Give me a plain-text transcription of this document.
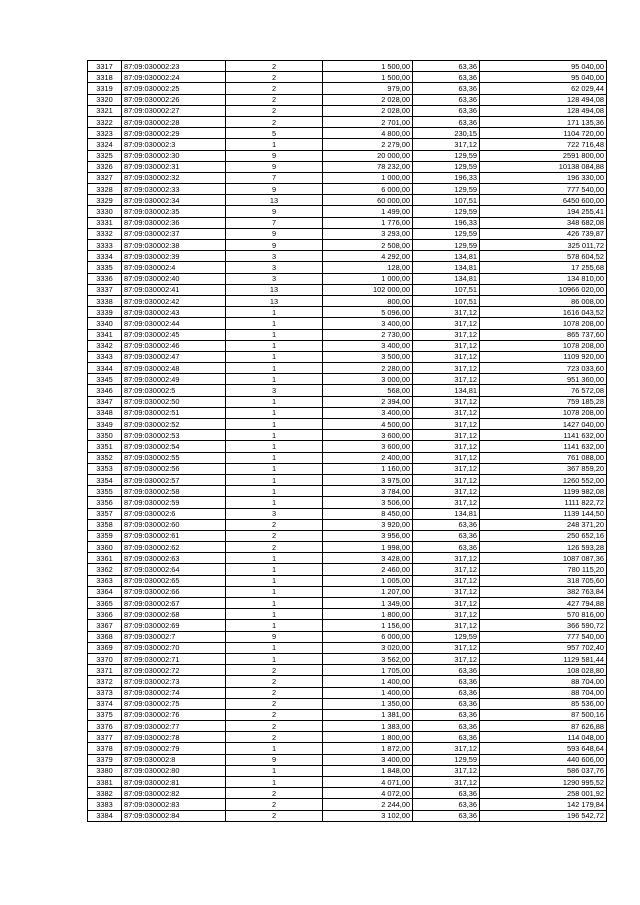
3317	87:09:030002:23	2	1 500,00	63,36	95 040,00
3318	87:09:030002:24	2	1 500,00	63,36	95 040,00
3319	87:09:030002:25	2	979,00	63,36	62 029,44
3320	87:09:030002:26	2	2 028,00	63,36	128 494,08
3321	87:09:030002:27	2	2 028,00	63,36	128 494,08
3322	87:09:030002:28	2	2 701,00	63,36	171 135,36
3323	87:09:030002:29	5	4 800,00	230,15	1104 720,00
3324	87:09:030002:3	1	2 279,00	317,12	722 716,48
3325	87:09:030002:30	9	20 000,00	129,59	2591 800,00
3326	87:09:030002:31	9	78 232,00	129,59	10138 084,88
3327	87:09:030002:32	7	1 000,00	196,33	196 330,00
3328	87:09:030002:33	9	6 000,00	129,59	777 540,00
3329	87:09:030002:34	13	60 000,00	107,51	6450 600,00
3330	87:09:030002:35	9	1 499,00	129,59	194 255,41
3331	87:09:030002:36	7	1 776,00	196,33	348 682,08
3332	87:09:030002:37	9	3 293,00	129,59	426 739,87
3333	87:09:030002:38	9	2 508,00	129,59	325 011,72
3334	87:09:030002:39	3	4 292,00	134,81	578 604,52
3335	87:09:030002:4	3	128,00	134,81	17 255,68
3336	87:09:030002:40	3	1 000,00	134,81	134 810,00
3337	87:09:030002:41	13	102 000,00	107,51	10966 020,00
3338	87:09:030002:42	13	800,00	107,51	86 008,00
3339	87:09:030002:43	1	5 096,00	317,12	1616 043,52
3340	87:09:030002:44	1	3 400,00	317,12	1078 208,00
3341	87:09:030002:45	1	2 730,00	317,12	865 737,60
3342	87:09:030002:46	1	3 400,00	317,12	1078 208,00
3343	87:09:030002:47	1	3 500,00	317,12	1109 920,00
3344	87:09:030002:48	1	2 280,00	317,12	723 033,60
3345	87:09:030002:49	1	3 000,00	317,12	951 360,00
3346	87:09:030002:5	3	568,00	134,81	76 572,08
3347	87:09:030002:50	1	2 394,00	317,12	759 185,28
3348	87:09:030002:51	1	3 400,00	317,12	1078 208,00
3349	87:09:030002:52	1	4 500,00	317,12	1427 040,00
3350	87:09:030002:53	1	3 600,00	317,12	1141 632,00
3351	87:09:030002:54	1	3 600,00	317,12	1141 632,00
3352	87:09:030002:55	1	2 400,00	317,12	761 088,00
3353	87:09:030002:56	1	1 160,00	317,12	367 859,20
3354	87:09:030002:57	1	3 975,00	317,12	1260 552,00
3355	87:09:030002:58	1	3 784,00	317,12	1199 982,08
3356	87:09:030002:59	1	3 506,00	317,12	1111 822,72
3357	87:09:030002:6	3	8 450,00	134,81	1139 144,50
3358	87:09:030002:60	2	3 920,00	63,36	248 371,20
3359	87:09:030002:61	2	3 956,00	63,36	250 652,16
3360	87:09:030002:62	2	1 998,00	63,36	126 593,28
3361	87:09:030002:63	1	3 428,00	317,12	1087 087,36
3362	87:09:030002:64	1	2 460,00	317,12	780 115,20
3363	87:09:030002:65	1	1 005,00	317,12	318 705,60
3364	87:09:030002:66	1	1 207,00	317,12	382 763,84
3365	87:09:030002:67	1	1 349,00	317,12	427 794,88
3366	87:09:030002:68	1	1 800,00	317,12	570 816,00
3367	87:09:030002:69	1	1 156,00	317,12	366 590,72
3368	87:09:030002:7	9	6 000,00	129,59	777 540,00
3369	87:09:030002:70	1	3 020,00	317,12	957 702,40
3370	87:09:030002:71	1	3 562,00	317,12	1129 581,44
3371	87:09:030002:72	2	1 705,00	63,36	108 028,80
3372	87:09:030002:73	2	1 400,00	63,36	88 704,00
3373	87:09:030002:74	2	1 400,00	63,36	88 704,00
3374	87:09:030002:75	2	1 350,00	63,36	85 536,00
3375	87:09:030002:76	2	1 381,00	63,36	87 500,16
3376	87:09:030002:77	2	1 383,00	63,36	87 626,88
3377	87:09:030002:78	2	1 800,00	63,36	114 048,00
3378	87:09:030002:79	1	1 872,00	317,12	593 648,64
3379	87:09:030002:8	9	3 400,00	129,59	440 606,00
3380	87:09:030002:80	1	1 848,00	317,12	586 037,76
3381	87:09:030002:81	1	4 071,00	317,12	1290 995,52
3382	87:09:030002:82	2	4 072,00	63,36	258 001,92
3383	87:09:030002:83	2	2 244,00	63,36	142 179,84
3384	87:09:030002:84	2	3 102,00	63,36	196 542,72
